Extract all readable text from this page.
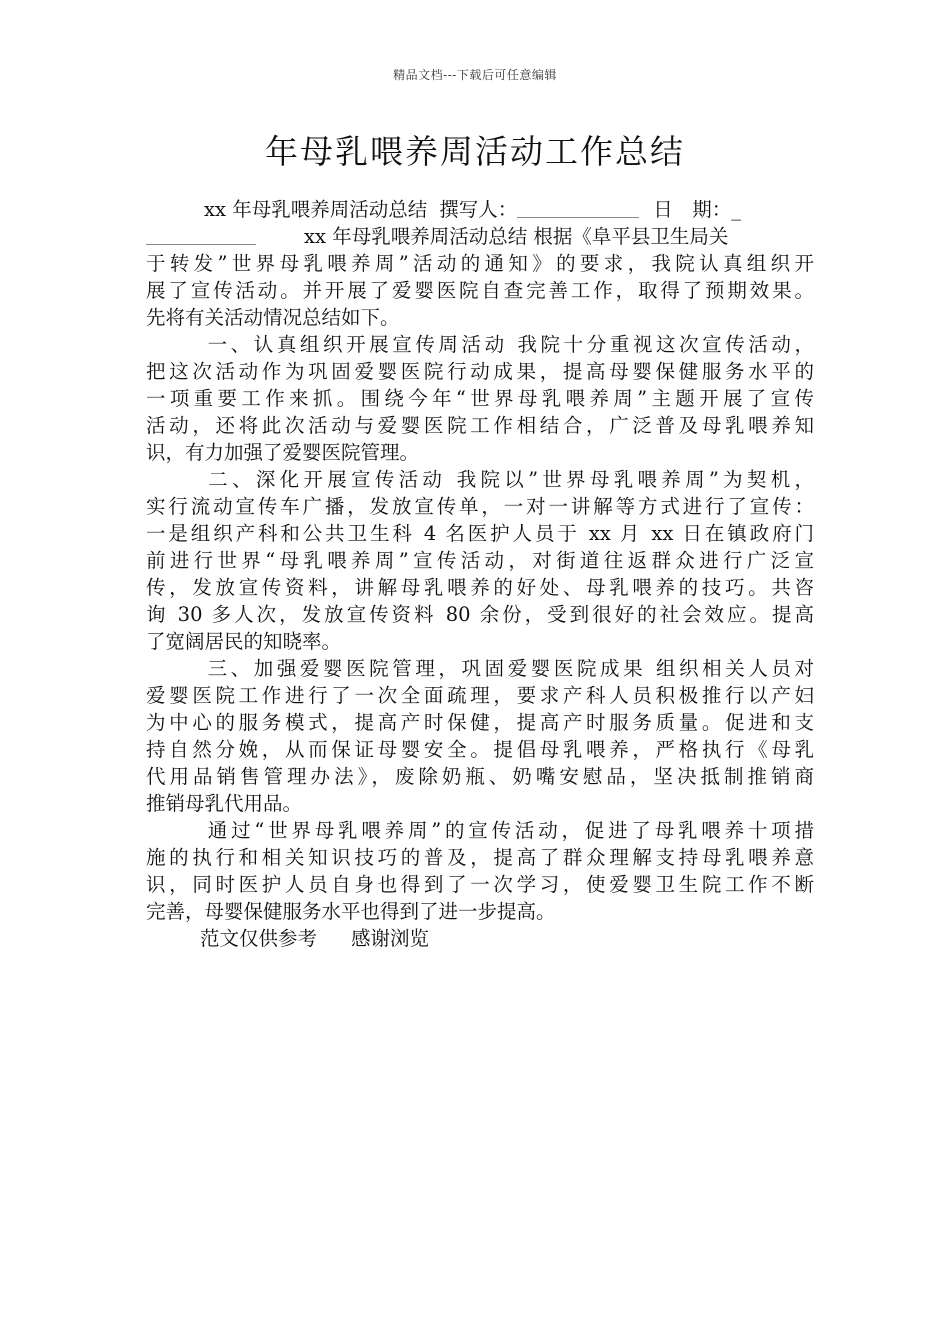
精品文档---下载后可任意编辑
年母乳喂养周活动工作总结
xx 年母乳喂养周活动总结 撰写人：	日　期：_
xx 年母乳喂养周活动总结 根据《阜平县卫生局关
于转发”世界母乳喂养周”活动的通知》的要求，我院认真组织开
展了宣传活动。并开展了爱婴医院自查完善工作，取得了预期效果。
先将有关活动情况总结如下。
一、认真组织开展宣传周活动 我院十分重视这次宣传活动，
把这次活动作为巩固爱婴医院行动成果，提高母婴保健服务水平的
一项重要工作来抓。围绕今年“世界母乳喂养周”主题开展了宣传
活动，还将此次活动与爱婴医院工作相结合，广泛普及母乳喂养知
识，有力加强了爱婴医院管理。
二、深化开展宣传活动 我院以”世界母乳喂养周”为契机，
实行流动宣传车广播，发放宣传单，一对一讲解等方式进行了宣传：
一是组织产科和公共卫生科 4 名医护人员于 xx 月 xx 日在镇政府门
前进行世界“母乳喂养周”宣传活动，对街道往返群众进行广泛宣
传，发放宣传资料，讲解母乳喂养的好处、母乳喂养的技巧。共咨
询 30 多人次，发放宣传资料 80 余份，受到很好的社会效应。提高
了宽阔居民的知晓率。
三、加强爱婴医院管理，巩固爱婴医院成果 组织相关人员对
爱婴医院工作进行了一次全面疏理，要求产科人员积极推行以产妇
为中心的服务模式，提高产时保健，提高产时服务质量。促进和支
持自然分娩，从而保证母婴安全。提倡母乳喂养，严格执行《母乳
代用品销售管理办法》，废除奶瓶、奶嘴安慰品，坚决抵制推销商
推销母乳代用品。
通过“世界母乳喂养周”的宣传活动，促进了母乳喂养十项措
施的执行和相关知识技巧的普及，提高了群众理解支持母乳喂养意
识，同时医护人员自身也得到了一次学习，使爱婴卫生院工作不断
完善，母婴保健服务水平也得到了进一步提高。
范文仅供参考 感谢浏览
